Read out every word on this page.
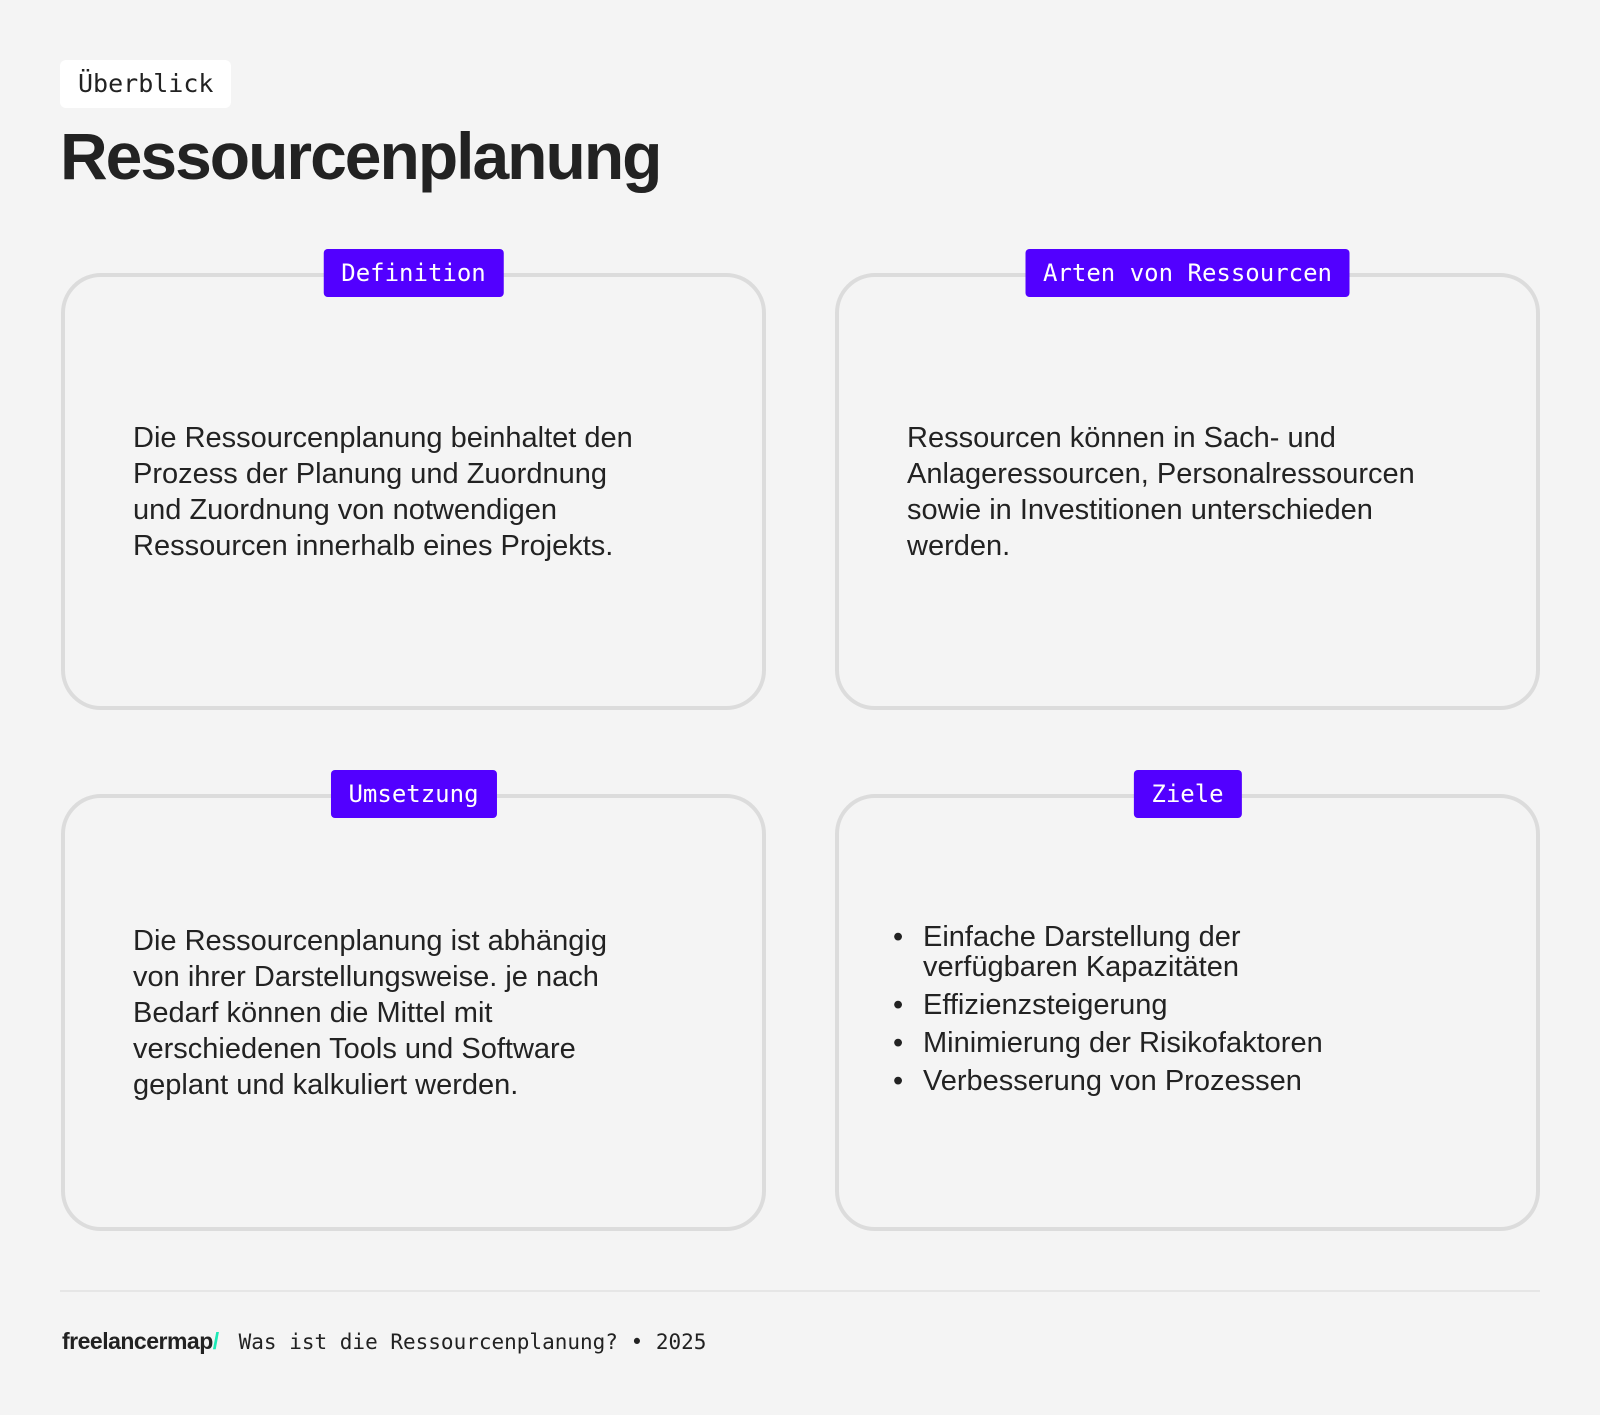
Überblick
Ressourcenplanung
Definition
Die Ressourcenplanung beinhaltet den Prozess der Planung und Zuordnung und Zuordnung von notwendigen Ressourcen innerhalb eines Projekts.
Arten von Ressourcen
Ressourcen können in Sach- und Anlageressourcen, Personalressourcen sowie in Investitionen unterschieden werden.
Umsetzung
Die Ressourcenplanung ist abhängig von ihrer Darstellungsweise. je nach Bedarf können die Mittel mit verschiedenen Tools und Software geplant und kalkuliert werden.
Ziele
• Einfache Darstellung der verfügbaren Kapazitäten
• Effizienzsteigerung
• Minimierung der Risikofaktoren
• Verbesserung von Prozessen
freelancermap/ Was ist die Ressourcenplanung? • 2025
